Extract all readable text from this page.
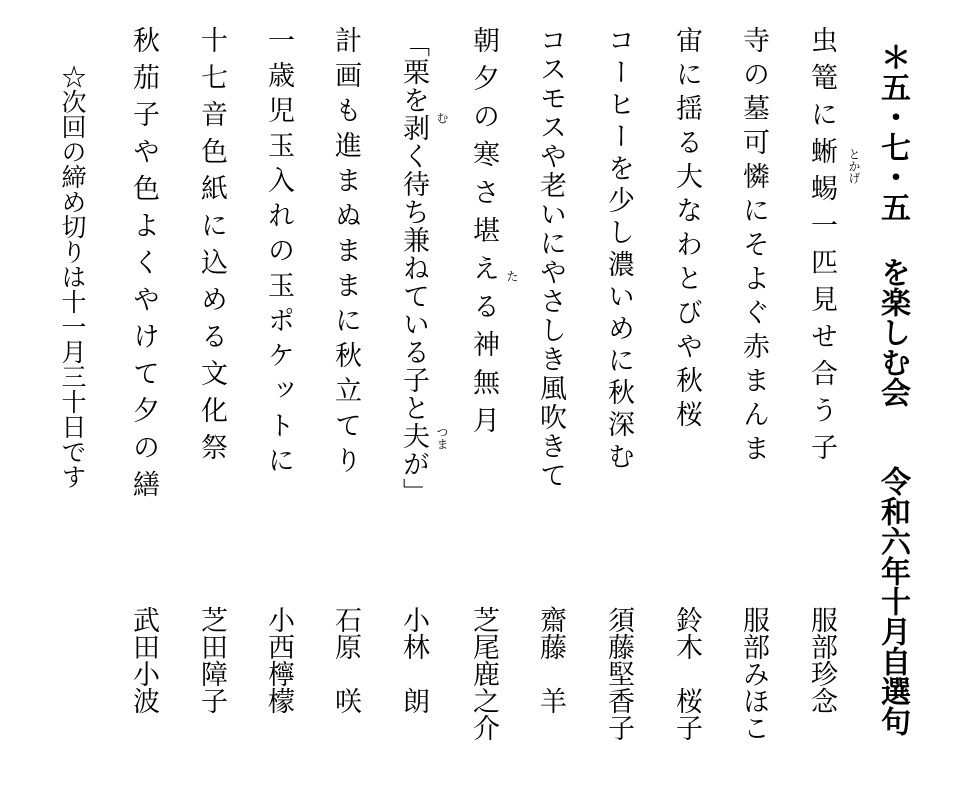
＊五・七・五 を楽しむ会
令和六年十月自選句
虫篭に蜥蜴一匹見せ合う子
服部珍念
とかげ
寺の墓可憐にそよぐ赤まんま
服部みほこ
宙に揺る大なわとびや秋桜
鈴木　桜子
コーヒーを少し濃いめに秋深む
須藤堅香子
コスモスや老いにやさしき風吹きて
齋藤　羊
朝夕の寒さ堪える神無月
芝尾鹿之介
た
「栗を剥く待ち兼ねている子と夫が」
小林　朗
む
つま
計画も進まぬままに秋立てり
石原　咲
一歳児玉入れの玉ポケットに
小西檸檬
十七音色紙に込める文化祭
芝田障子
秋茄子や色よくやけて夕の繕
武田小波
☆次回の締め切りは十一月三十日です
